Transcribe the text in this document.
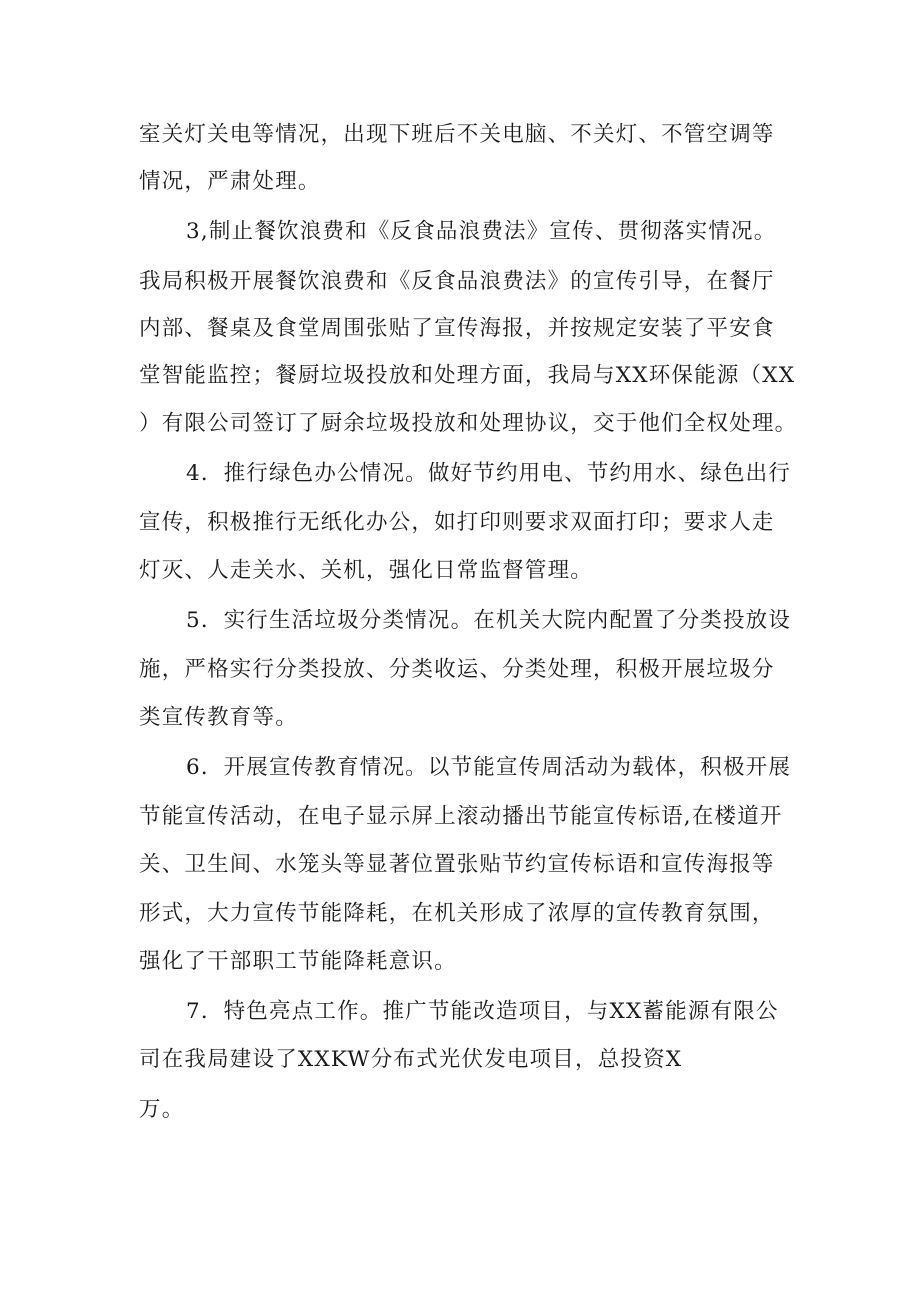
室关灯关电等情况，出现下班后不关电脑、不关灯、不管空调等
情况，严肃处理。
3,制止餐饮浪费和《反食品浪费法》宣传、贯彻落实情况。
我局积极开展餐饮浪费和《反食品浪费法》的宣传引导，在餐厅
内部、餐桌及食堂周围张贴了宣传海报，并按规定安装了平安食
堂智能监控；餐厨垃圾投放和处理方面，我局与XX环保能源（XX
）有限公司签订了厨余垃圾投放和处理协议，交于他们全权处理。
4．推行绿色办公情况。做好节约用电、节约用水、绿色出行
宣传，积极推行无纸化办公，如打印则要求双面打印；要求人走
灯灭、人走关水、关机，强化日常监督管理。
5．实行生活垃圾分类情况。在机关大院内配置了分类投放设
施，严格实行分类投放、分类收运、分类处理，积极开展垃圾分
类宣传教育等。
6．开展宣传教育情况。以节能宣传周活动为载体，积极开展
节能宣传活动，在电子显示屏上滚动播出节能宣传标语,在楼道开
关、卫生间、水笼头等显著位置张贴节约宣传标语和宣传海报等
形式，大力宣传节能降耗，在机关形成了浓厚的宣传教育氛围，
强化了干部职工节能降耗意识。
7．特色亮点工作。推广节能改造项目，与XX蓄能源有限公
司在我局建设了XXKW分布式光伏发电项目，总投资X
万。
